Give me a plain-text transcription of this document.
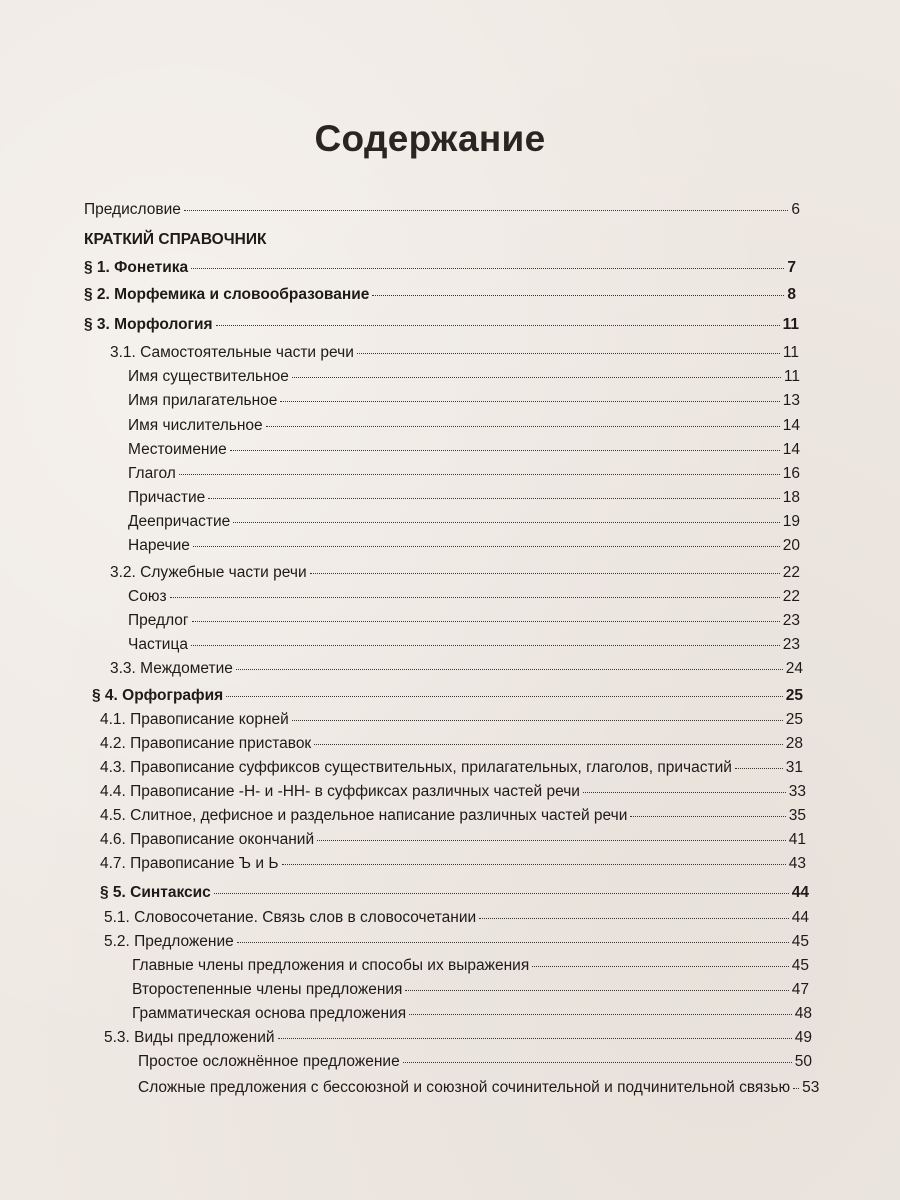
Содержание
КРАТКИЙ СПРАВОЧНИК
Предисловие	6
§ 1. Фонетика	7
§ 2. Морфемика и словообразование	8
§ 3. Морфология	11
3.1. Самостоятельные части речи	11
Имя существительное	11
Имя прилагательное	13
Имя числительное	14
Местоимение	14
Глагол	16
Причастие	18
Деепричастие	19
Наречие	20
3.2. Служебные части речи	22
Союз	22
Предлог	23
Частица	23
3.3. Междометие	24
§ 4. Орфография	25
4.1. Правописание корней	25
4.2. Правописание приставок	28
4.3. Правописание суффиксов существительных, прилагательных, глаголов, причастий	31
4.4. Правописание -Н- и -НН- в суффиксах различных частей речи	33
4.5. Слитное, дефисное и раздельное написание различных частей речи	35
4.6. Правописание окончаний	41
4.7. Правописание Ъ и Ь	43
§ 5. Синтаксис	44
5.1. Словосочетание. Связь слов в словосочетании	44
5.2. Предложение	45
Главные члены предложения и способы их выражения	45
Второстепенные члены предложения	47
Грамматическая основа предложения	48
5.3. Виды предложений	49
Простое осложнённое предложение	50
Сложные предложения с бессоюзной и союзной сочинительной и подчинительной связью 53
